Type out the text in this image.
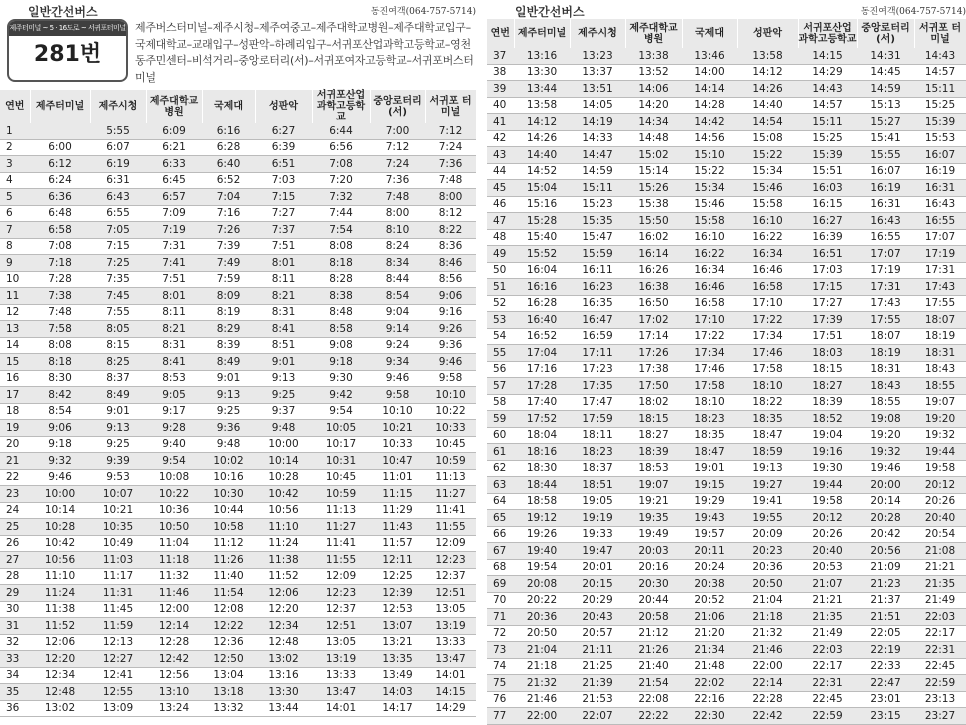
일반간선버스	동진여객(064-757-5714)
제주터미널 ~ 5 · 16도로 ~ 서귀포터미널
281번
제주버스터미널–제주시청–제주여중고–제주대학교병원–제주대학교입구–국제대학교–교래입구–성판악–하례리입구–서귀포산업과학고등학교–영천동주민센터–비석거리–중앙로터리(서)–서귀포여자고등학교–서귀포버스터미널
연번	제주터미널	제주시청	제주대학교 병원	국제대	성판악	서귀포산업 과학고등학교	중앙로터리 (서)	서귀포 터미널
1		5:55	6:09	6:16	6:27	6:44	7:00	7:12
2	6:00	6:07	6:21	6:28	6:39	6:56	7:12	7:24
3	6:12	6:19	6:33	6:40	6:51	7:08	7:24	7:36
4	6:24	6:31	6:45	6:52	7:03	7:20	7:36	7:48
5	6:36	6:43	6:57	7:04	7:15	7:32	7:48	8:00
6	6:48	6:55	7:09	7:16	7:27	7:44	8:00	8:12
7	6:58	7:05	7:19	7:26	7:37	7:54	8:10	8:22
8	7:08	7:15	7:31	7:39	7:51	8:08	8:24	8:36
9	7:18	7:25	7:41	7:49	8:01	8:18	8:34	8:46
10	7:28	7:35	7:51	7:59	8:11	8:28	8:44	8:56
11	7:38	7:45	8:01	8:09	8:21	8:38	8:54	9:06
12	7:48	7:55	8:11	8:19	8:31	8:48	9:04	9:16
13	7:58	8:05	8:21	8:29	8:41	8:58	9:14	9:26
14	8:08	8:15	8:31	8:39	8:51	9:08	9:24	9:36
15	8:18	8:25	8:41	8:49	9:01	9:18	9:34	9:46
16	8:30	8:37	8:53	9:01	9:13	9:30	9:46	9:58
17	8:42	8:49	9:05	9:13	9:25	9:42	9:58	10:10
18	8:54	9:01	9:17	9:25	9:37	9:54	10:10	10:22
19	9:06	9:13	9:28	9:36	9:48	10:05	10:21	10:33
20	9:18	9:25	9:40	9:48	10:00	10:17	10:33	10:45
21	9:32	9:39	9:54	10:02	10:14	10:31	10:47	10:59
22	9:46	9:53	10:08	10:16	10:28	10:45	11:01	11:13
23	10:00	10:07	10:22	10:30	10:42	10:59	11:15	11:27
24	10:14	10:21	10:36	10:44	10:56	11:13	11:29	11:41
25	10:28	10:35	10:50	10:58	11:10	11:27	11:43	11:55
26	10:42	10:49	11:04	11:12	11:24	11:41	11:57	12:09
27	10:56	11:03	11:18	11:26	11:38	11:55	12:11	12:23
28	11:10	11:17	11:32	11:40	11:52	12:09	12:25	12:37
29	11:24	11:31	11:46	11:54	12:06	12:23	12:39	12:51
30	11:38	11:45	12:00	12:08	12:20	12:37	12:53	13:05
31	11:52	11:59	12:14	12:22	12:34	12:51	13:07	13:19
32	12:06	12:13	12:28	12:36	12:48	13:05	13:21	13:33
33	12:20	12:27	12:42	12:50	13:02	13:19	13:35	13:47
34	12:34	12:41	12:56	13:04	13:16	13:33	13:49	14:01
35	12:48	12:55	13:10	13:18	13:30	13:47	14:03	14:15
36	13:02	13:09	13:24	13:32	13:44	14:01	14:17	14:29
일반간선버스	동진여객(064-757-5714)
연번	제주터미널	제주시청	제주대학교 병원	국제대	성판악	서귀포산업 과학고등학교	중앙로터리 (서)	서귀포 터미널
37	13:16	13:23	13:38	13:46	13:58	14:15	14:31	14:43
38	13:30	13:37	13:52	14:00	14:12	14:29	14:45	14:57
39	13:44	13:51	14:06	14:14	14:26	14:43	14:59	15:11
40	13:58	14:05	14:20	14:28	14:40	14:57	15:13	15:25
41	14:12	14:19	14:34	14:42	14:54	15:11	15:27	15:39
42	14:26	14:33	14:48	14:56	15:08	15:25	15:41	15:53
43	14:40	14:47	15:02	15:10	15:22	15:39	15:55	16:07
44	14:52	14:59	15:14	15:22	15:34	15:51	16:07	16:19
45	15:04	15:11	15:26	15:34	15:46	16:03	16:19	16:31
46	15:16	15:23	15:38	15:46	15:58	16:15	16:31	16:43
47	15:28	15:35	15:50	15:58	16:10	16:27	16:43	16:55
48	15:40	15:47	16:02	16:10	16:22	16:39	16:55	17:07
49	15:52	15:59	16:14	16:22	16:34	16:51	17:07	17:19
50	16:04	16:11	16:26	16:34	16:46	17:03	17:19	17:31
51	16:16	16:23	16:38	16:46	16:58	17:15	17:31	17:43
52	16:28	16:35	16:50	16:58	17:10	17:27	17:43	17:55
53	16:40	16:47	17:02	17:10	17:22	17:39	17:55	18:07
54	16:52	16:59	17:14	17:22	17:34	17:51	18:07	18:19
55	17:04	17:11	17:26	17:34	17:46	18:03	18:19	18:31
56	17:16	17:23	17:38	17:46	17:58	18:15	18:31	18:43
57	17:28	17:35	17:50	17:58	18:10	18:27	18:43	18:55
58	17:40	17:47	18:02	18:10	18:22	18:39	18:55	19:07
59	17:52	17:59	18:15	18:23	18:35	18:52	19:08	19:20
60	18:04	18:11	18:27	18:35	18:47	19:04	19:20	19:32
61	18:16	18:23	18:39	18:47	18:59	19:16	19:32	19:44
62	18:30	18:37	18:53	19:01	19:13	19:30	19:46	19:58
63	18:44	18:51	19:07	19:15	19:27	19:44	20:00	20:12
64	18:58	19:05	19:21	19:29	19:41	19:58	20:14	20:26
65	19:12	19:19	19:35	19:43	19:55	20:12	20:28	20:40
66	19:26	19:33	19:49	19:57	20:09	20:26	20:42	20:54
67	19:40	19:47	20:03	20:11	20:23	20:40	20:56	21:08
68	19:54	20:01	20:16	20:24	20:36	20:53	21:09	21:21
69	20:08	20:15	20:30	20:38	20:50	21:07	21:23	21:35
70	20:22	20:29	20:44	20:52	21:04	21:21	21:37	21:49
71	20:36	20:43	20:58	21:06	21:18	21:35	21:51	22:03
72	20:50	20:57	21:12	21:20	21:32	21:49	22:05	22:17
73	21:04	21:11	21:26	21:34	21:46	22:03	22:19	22:31
74	21:18	21:25	21:40	21:48	22:00	22:17	22:33	22:45
75	21:32	21:39	21:54	22:02	22:14	22:31	22:47	22:59
76	21:46	21:53	22:08	22:16	22:28	22:45	23:01	23:13
77	22:00	22:07	22:22	22:30	22:42	22:59	23:15	23:27
